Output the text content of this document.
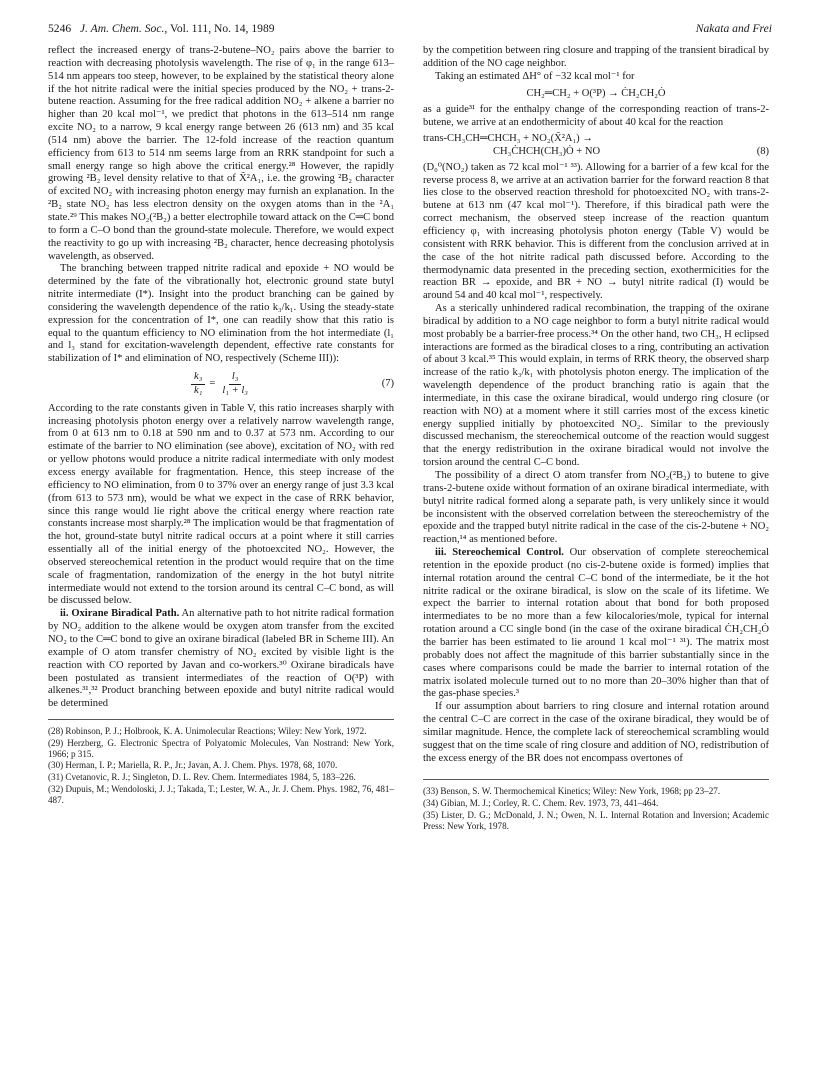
5246 J. Am. Chem. Soc., Vol. 111, No. 14, 1989	Nakata and Frei

reflect the increased energy of trans-2-butene–NO₂ pairs above the barrier to reaction with decreasing photolysis wavelength. The rise of φ₁ in the range 613–514 nm appears too steep, however, to be explained by the statistical theory alone if the hot nitrite radical were the initial species produced by the NO₂ + trans-2-butene reaction. Assuming for the free radical addition NO₂ + alkene a barrier no higher than 20 kcal mol⁻¹, we predict that photons in the 613–514 nm range excite NO₂ to a narrow, 9 kcal energy range between 26 (613 nm) and 35 kcal (514 nm) above the barrier. The 12-fold increase of the reaction quantum efficiency from 613 to 514 nm seems large from an RRK standpoint for such a small energy range so high above the critical energy.²⁸ However, the rapidly growing ²B₂ level density relative to that of X̃²A₁, i.e. the growing ²B₂ character of excited NO₂ with increasing photon energy may furnish an explanation. In the ²B₂ state NO₂ has less electron density on the oxygen atoms than in the ²A₁ state.²⁹ This makes NO₂(²B₂) a better electrophile toward attack on the C═C bond to form a C–O bond than the ground-state molecule. Therefore, we would expect the reactivity to go up with increasing ²B₂ character, hence decreasing photolysis wavelength, as observed.

The branching between trapped nitrite radical and epoxide + NO would be determined by the fate of the vibrationally hot, electronic ground state butyl nitrite intermediate (I*). Insight into the product branching can be gained by considering the wavelength dependence of the ratio k₃/k₁. Using the steady-state expression for the concentration of I*, one can readily show that this ratio is equal to the quantum efficiency to NO elimination from the hot intermediate (l₁ and l₃ stand for excitation-wavelength dependent, effective rate constants for stabilization of I* and elimination of NO, respectively (Scheme III)):

$\frac{\text{k₃}}{\text{k₁}} = \frac{\text{l₃}}{\text{l₁ + l₃}}$	(7)

According to the rate constants given in Table V, this ratio increases sharply with increasing photolysis photon energy over a relatively narrow wavelength range, from 0 at 613 nm to 0.18 at 590 nm and to 0.37 at 573 nm. According to our estimate of the barrier to NO elimination (see above), excitation of NO₂ with red or yellow photons would produce a nitrite radical intermediate with only modest excess energy available for fragmentation. Hence, this steep increase of the efficiency to NO elimination, from 0 to 37% over an energy range of just 3.3 kcal (from 613 to 573 nm), would be what we expect in the case of RRK behavior, since this range would lie right above the critical energy where reaction rate constants increase most sharply.²⁸ The implication would be that fragmentation of the hot, ground-state butyl nitrite radical occurs at a point where it still carries essentially all of the initial energy of the photoexcited NO₂. However, the observed stereochemical retention in the product would require that on the time scale of fragmentation, randomization of the energy in the hot butyl nitrite intermediate would not extend to the torsion around its central C–C bond, as will be discussed below.

ii. Oxirane Biradical Path. An alternative path to hot nitrite radical formation by NO₂ addition to the alkene would be oxygen atom transfer from the excited NO₂ to the C═C bond to give an oxirane biradical (labeled BR in Scheme III). An example of O atom transfer chemistry of NO₂ excited by visible light is the reaction with CO reported by Javan and co-workers.³⁰ Oxirane biradicals have been postulated as transient intermediates of the reaction of O(³P) with alkenes.³¹,³² Product branching between epoxide and butyl nitrite radical would be determined

(28) Robinson, P. J.; Holbrook, K. A. Unimolecular Reactions; Wiley: New York, 1972.
(29) Herzberg, G. Electronic Spectra of Polyatomic Molecules, Van Nostrand: New York, 1966; p 315.
(30) Herman, I. P.; Mariella, R. P., Jr.; Javan, A. J. Chem. Phys. 1978, 68, 1070.
(31) Cvetanovic, R. J.; Singleton, D. L. Rev. Chem. Intermediates 1984, 5, 183–226.
(32) Dupuis, M.; Wendoloski, J. J.; Takada, T.; Lester, W. A., Jr. J. Chem. Phys. 1982, 76, 481–487.

by the competition between ring closure and trapping of the transient biradical by addition of the NO cage neighbor.

Taking an estimated ΔH° of −32 kcal mol⁻¹ for

CH₂═CH₂ + O(³P) → ĊH₂CH₂Ȯ

as a guide³¹ for the enthalpy change of the corresponding reaction of trans-2-butene, we arrive at an endothermicity of about 40 kcal for the reaction

trans-CH₃CH═CHCH₃ + NO₂(X̃²A₁) →
CH₃ĊHCH(CH₃)Ȯ + NO	(8)

(D₀⁰(NO₂) taken as 72 kcal mol⁻¹ ³³). Allowing for a barrier of a few kcal for the reverse process 8, we arrive at an activation barrier for the forward reaction 8 that lies close to the observed reaction threshold for photoexcited NO₂ with trans-2-butene at 613 nm (47 kcal mol⁻¹). Therefore, if this biradical path were the correct mechanism, the observed steep increase of the reaction quantum efficiency φ₁ with increasing photolysis photon energy (Table V) would be consistent with RRK behavior. This is different from the conclusion arrived at in the case of the hot nitrite radical path discussed before. According to the thermodynamic data presented in the preceding section, exothermicities for the reaction BR → epoxide, and BR + NO → butyl nitrite radical (I) would be around 54 and 40 kcal mol⁻¹, respectively.

As a sterically unhindered radical recombination, the trapping of the oxirane biradical by addition to a NO cage neighbor to form a butyl nitrite radical would most probably be a barrier-free process.³⁴ On the other hand, two CH₃, H eclipsed interactions are formed as the biradical closes to a ring, contributing an activation of about 3 kcal.³⁵ This would explain, in terms of RRK theory, the observed sharp increase of the ratio k₃/k₁ with photolysis photon energy. The implication of the wavelength dependence of the product branching ratio is again that the intermediate, in this case the oxirane biradical, would undergo ring closure (or reaction with NO) at a moment where it still carries most of the excess kinetic energy supplied initially by photoexcited NO₂. Similar to the previously discussed mechanism, the stereochemical outcome of the reaction would suggest that the energy redistribution in the oxirane biradical would not involve the torsion around the central C–C bond.

The possibility of a direct O atom transfer from NO₂(²B₂) to butene to give trans-2-butene oxide without formation of an oxirane biradical intermediate, with butyl nitrite radical formed along a separate path, is very unlikely since it would be inconsistent with the observed correlation between the stereochemistry of the epoxide and the trapped butyl nitrite radical in the case of the cis-2-butene + NO₂ reaction,¹⁴ as mentioned before.

iii. Stereochemical Control. Our observation of complete stereochemical retention in the epoxide product (no cis-2-butene oxide is formed) implies that internal rotation around the central C–C bond of the intermediate, be it the hot nitrite radical or the oxirane biradical, is slow on the scale of its lifetime. We expect the barrier to internal rotation about that bond for both proposed intermediates to be no more than a few kilocalories/mole, typical for internal rotation around a CC single bond (in the case of the oxirane biradical ĊH₂CH₂Ȯ the barrier has been estimated to lie around 1 kcal mol⁻¹ ³¹). The matrix most probably does not affect the magnitude of this barrier substantially since in the cases where comparisons could be made the barrier to internal rotation of the matrix isolated molecule turned out to no more than 20–30% higher than that of the gas-phase species.³

If our assumption about barriers to ring closure and internal rotation around the central C–C are correct in the case of the oxirane biradical, they would be of similar magnitude. Hence, the complete lack of stereochemical scrambling would suggest that on the time scale of ring closure and addition of NO, redistribution of the excess energy of the BR does not encompass overtones of

(33) Benson, S. W. Thermochemical Kinetics; Wiley: New York, 1968; pp 23–27.
(34) Gibian, M. J.; Corley, R. C. Chem. Rev. 1973, 73, 441–464.
(35) Lister, D. G.; McDonald, J. N.; Owen, N. L. Internal Rotation and Inversion; Academic Press: New York, 1978.
